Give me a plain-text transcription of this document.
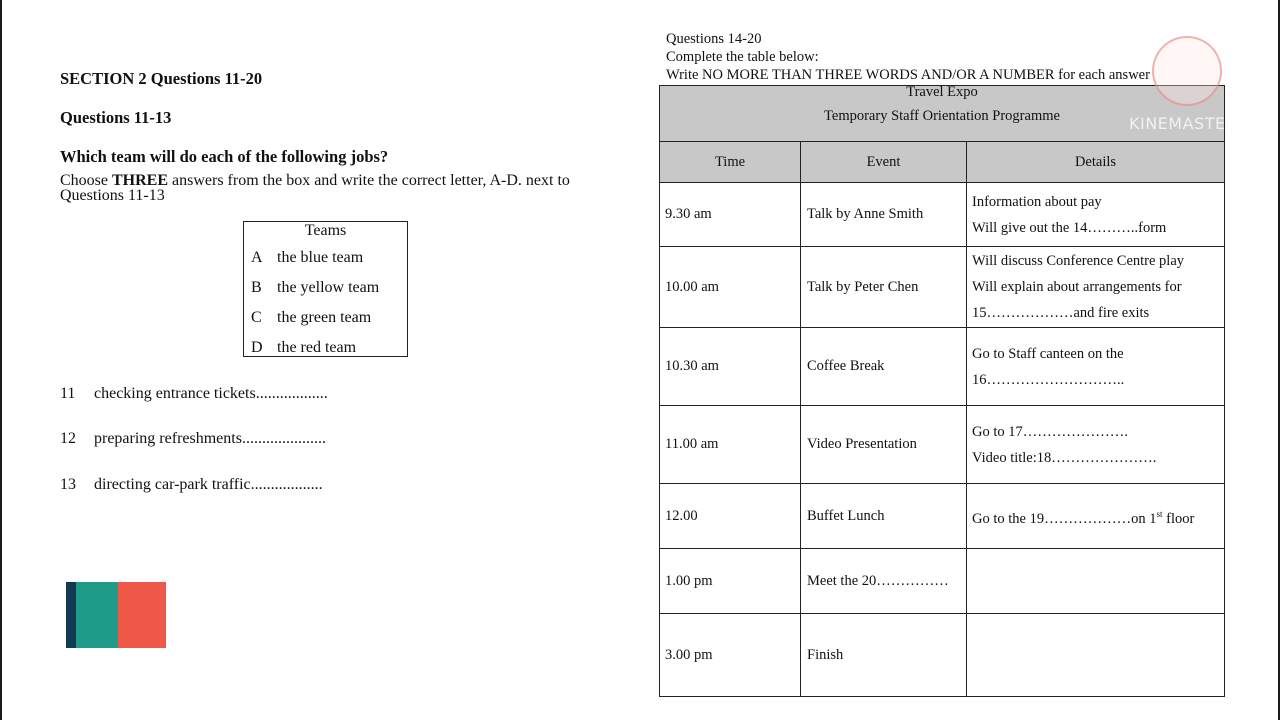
SECTION 2 Questions 11-20
Questions 11-13
Which team will do each of the following jobs?
Choose THREE answers from the box and write the correct letter, A-D. next to
Questions 11-13
Teams
A the blue team
B the yellow team
C the green team
D the red team
11 checking entrance tickets..................
12 preparing refreshments.....................
13 directing car-park traffic..................
Questions 14-20
Complete the table below:
Write NO MORE THAN THREE WORDS AND/OR A NUMBER for each answer
Travel Expo
Temporary Staff Orientation Programme		

Time	Event	Details
9.30 am	Talk by Anne Smith	Information about pay
Will give out the 14………..form

10.00 am	Talk by Peter Chen	Will discuss Conference Centre play
Will explain about arrangements for
15………………and fire exits

10.30 am	Coffee Break	Go to Staff canteen on the
16………………………..

11.00 am	Video Presentation	Go to 17………………….
Video title:18………………….

12.00	Buffet Lunch	Go to the 19………………on 1st floor
1.00 pm	Meet the 20……………	
3.00 pm	Finish	
KINEMASTER
